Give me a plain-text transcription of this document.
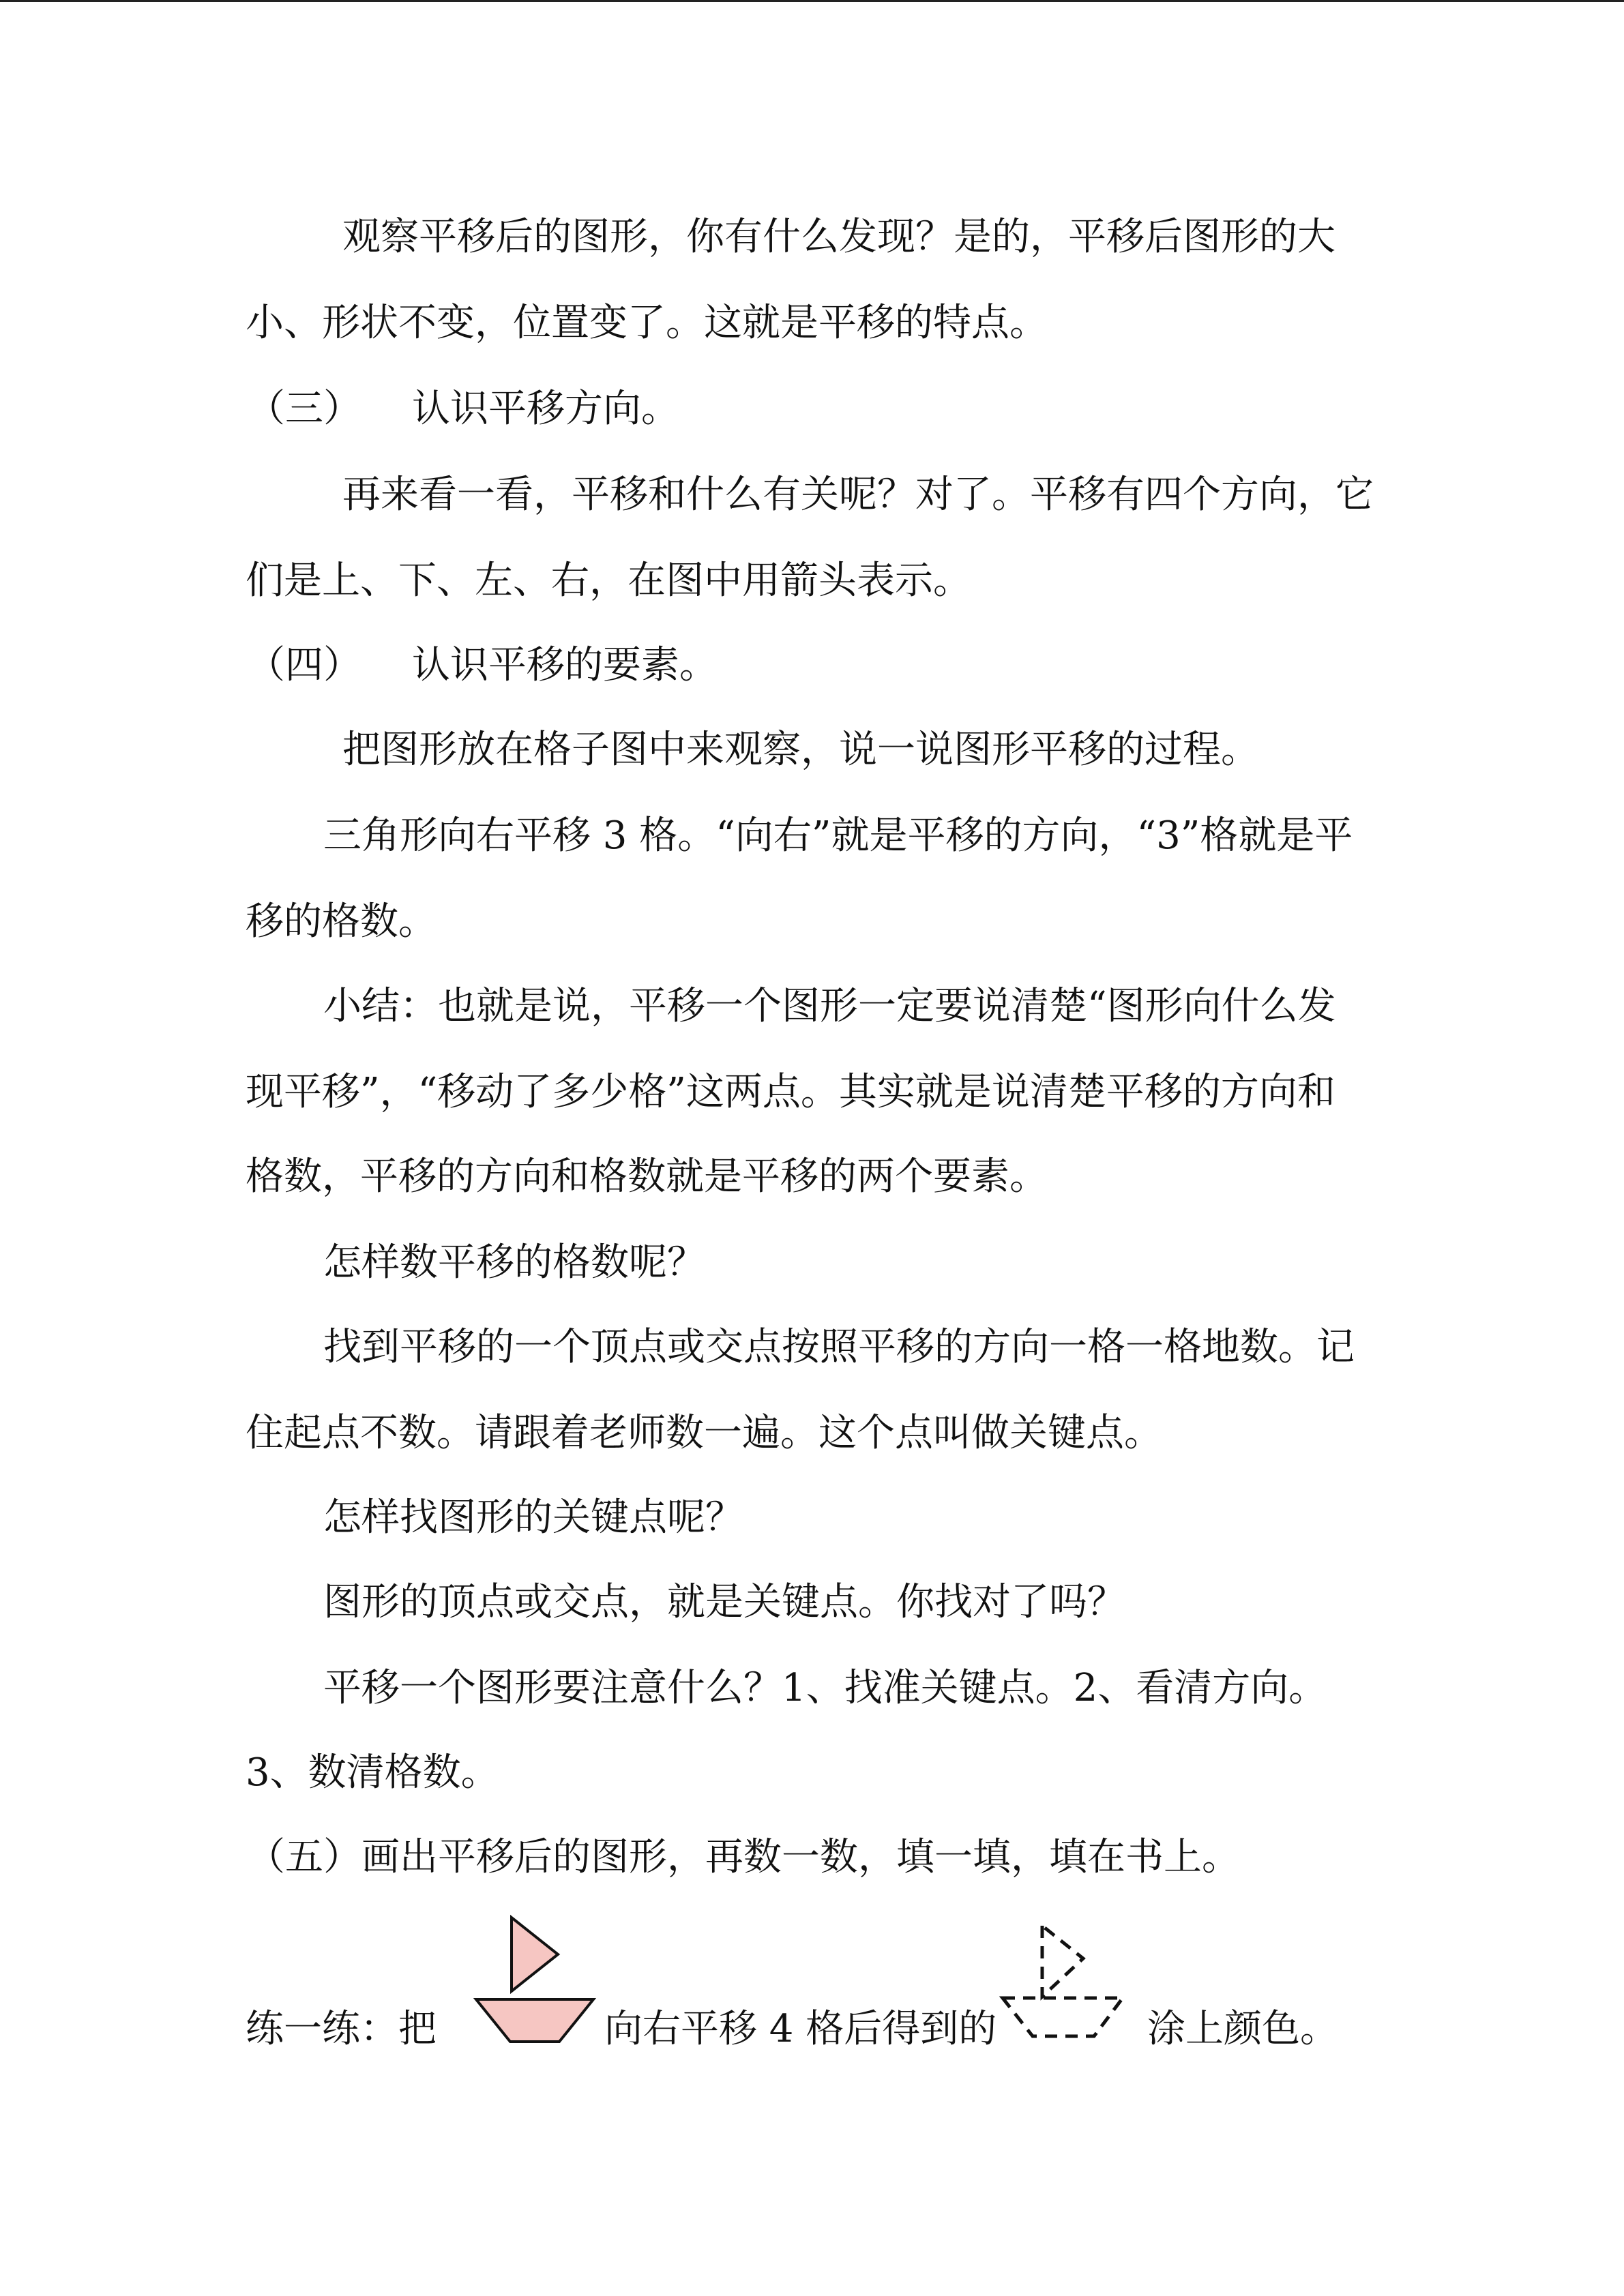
观察平移后的图形，你有什么发现？是的，平移后图形的大
小、形状不变，位置变了。这就是平移的特点。
（三） 认识平移方向。
再来看一看，平移和什么有关呢？对了。平移有四个方向，它
们是上、下、左、右，在图中用箭头表示。
（四） 认识平移的要素。
把图形放在格子图中来观察，说一说图形平移的过程。
三角形向右平移 3 格。“向右”就是平移的方向，“3”格就是平
移的格数。
小结：也就是说，平移一个图形一定要说清楚“图形向什么发
现平移”，“移动了多少格”这两点。其实就是说清楚平移的方向和
格数，平移的方向和格数就是平移的两个要素。
怎样数平移的格数呢？
找到平移的一个顶点或交点按照平移的方向一格一格地数。记
住起点不数。请跟着老师数一遍。这个点叫做关键点。
怎样找图形的关键点呢？
图形的顶点或交点，就是关键点。你找对了吗？
平移一个图形要注意什么？1、找准关键点。2、看清方向。
3、数清格数。
（五）画出平移后的图形，再数一数，填一填，填在书上。
练一练：把	向右平移 4 格后得到的	涂上颜色。
